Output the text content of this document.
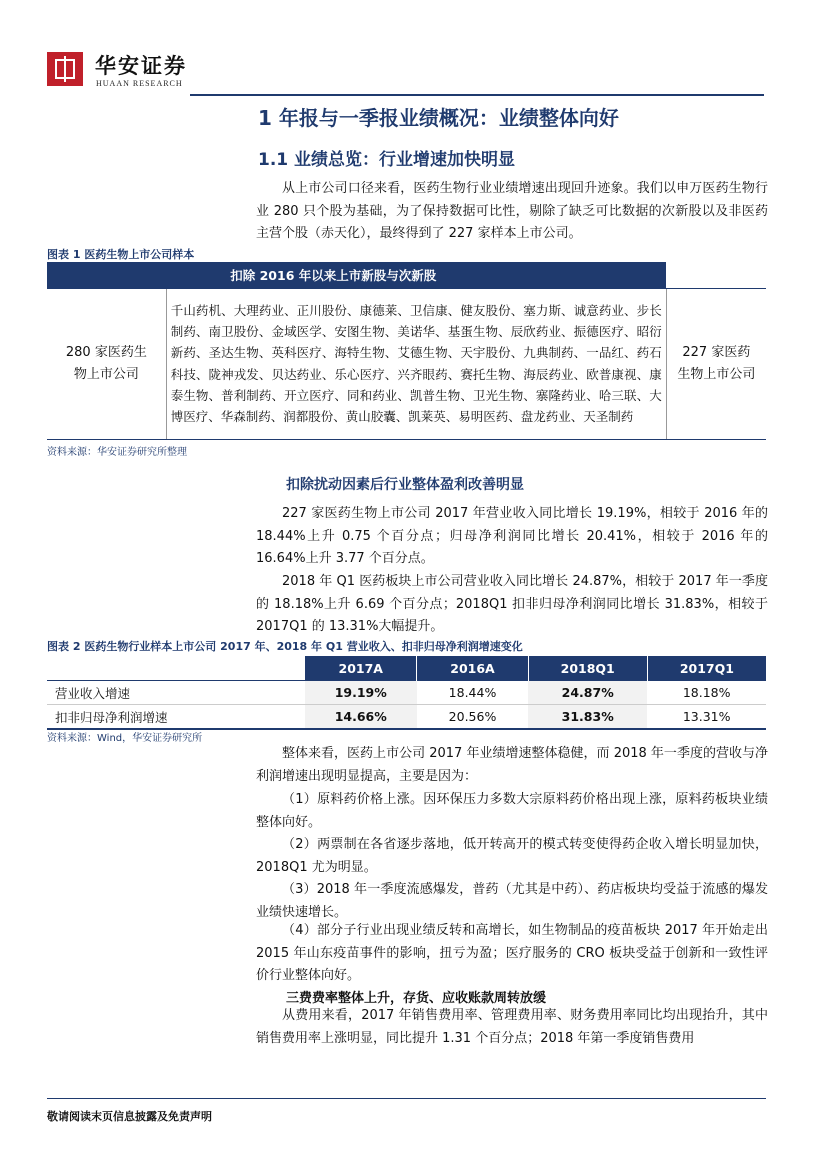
华安证券
HUAAN RESEARCH
1 年报与一季报业绩概况：业绩整体向好
1.1 业绩总览：行业增速加快明显
从上市公司口径来看，医药生物行业业绩增速出现回升迹象。我们以申万医药生物行业 280 只个股为基础，为了保持数据可比性，剔除了缺乏可比数据的次新股以及非医药主营个股（赤天化），最终得到了 227 家样本上市公司。
图表 1 医药生物上市公司样本
	扣除 2016 年以来上市新股与次新股	
280 家医药生物上市公司	千山药机、大理药业、正川股份、康德莱、卫信康、健友股份、塞力斯、诚意药业、步长制药、南卫股份、金域医学、安图生物、美诺华、基蛋生物、辰欣药业、振德医疗、昭衍新药、圣达生物、英科医疗、海特生物、艾德生物、天宇股份、九典制药、一品红、药石科技、陇神戎发、贝达药业、乐心医疗、兴齐眼药、赛托生物、海辰药业、欧普康视、康泰生物、普利制药、开立医疗、同和药业、凯普生物、卫光生物、寨隆药业、哈三联、大博医疗、华森制药、润都股份、黄山胶囊、凯莱英、易明医药、盘龙药业、天圣制药	227 家医药生物上市公司
资料来源：华安证券研究所整理
扣除扰动因素后行业整体盈利改善明显
227 家医药生物上市公司 2017 年营业收入同比增长 19.19%，相较于 2016 年的 18.44%上升 0.75 个百分点；归母净利润同比增长 20.41%，相较于 2016 年的 16.64%上升 3.77 个百分点。
2018 年 Q1 医药板块上市公司营业收入同比增长 24.87%，相较于 2017 年一季度的 18.18%上升 6.69 个百分点；2018Q1 扣非归母净利润同比增长 31.83%，相较于 2017Q1 的 13.31%大幅提升。
图表 2 医药生物行业样本上市公司 2017 年、2018 年 Q1 营业收入、扣非归母净利润增速变化
	2017A	2016A	2018Q1	2017Q1
营业收入增速	19.19%	18.44%	24.87%	18.18%
扣非归母净利润增速	14.66%	20.56%	31.83%	13.31%
资料来源：Wind，华安证券研究所
整体来看，医药上市公司 2017 年业绩增速整体稳健，而 2018 年一季度的营收与净利润增速出现明显提高，主要是因为：
（1）原料药价格上涨。因环保压力多数大宗原料药价格出现上涨，原料药板块业绩整体向好。
（2）两票制在各省逐步落地，低开转高开的模式转变使得药企收入增长明显加快，2018Q1 尤为明显。
（3）2018 年一季度流感爆发，普药（尤其是中药）、药店板块均受益于流感的爆发业绩快速增长。
（4）部分子行业出现业绩反转和高增长，如生物制品的疫苗板块 2017 年开始走出 2015 年山东疫苗事件的影响，扭亏为盈；医疗服务的 CRO 板块受益于创新和一致性评价行业整体向好。
三费费率整体上升，存货、应收账款周转放缓
从费用来看，2017 年销售费用率、管理费用率、财务费用率同比均出现抬升，其中销售费用率上涨明显，同比提升 1.31 个百分点；2018 年第一季度销售费用
敬请阅读末页信息披露及免责声明
